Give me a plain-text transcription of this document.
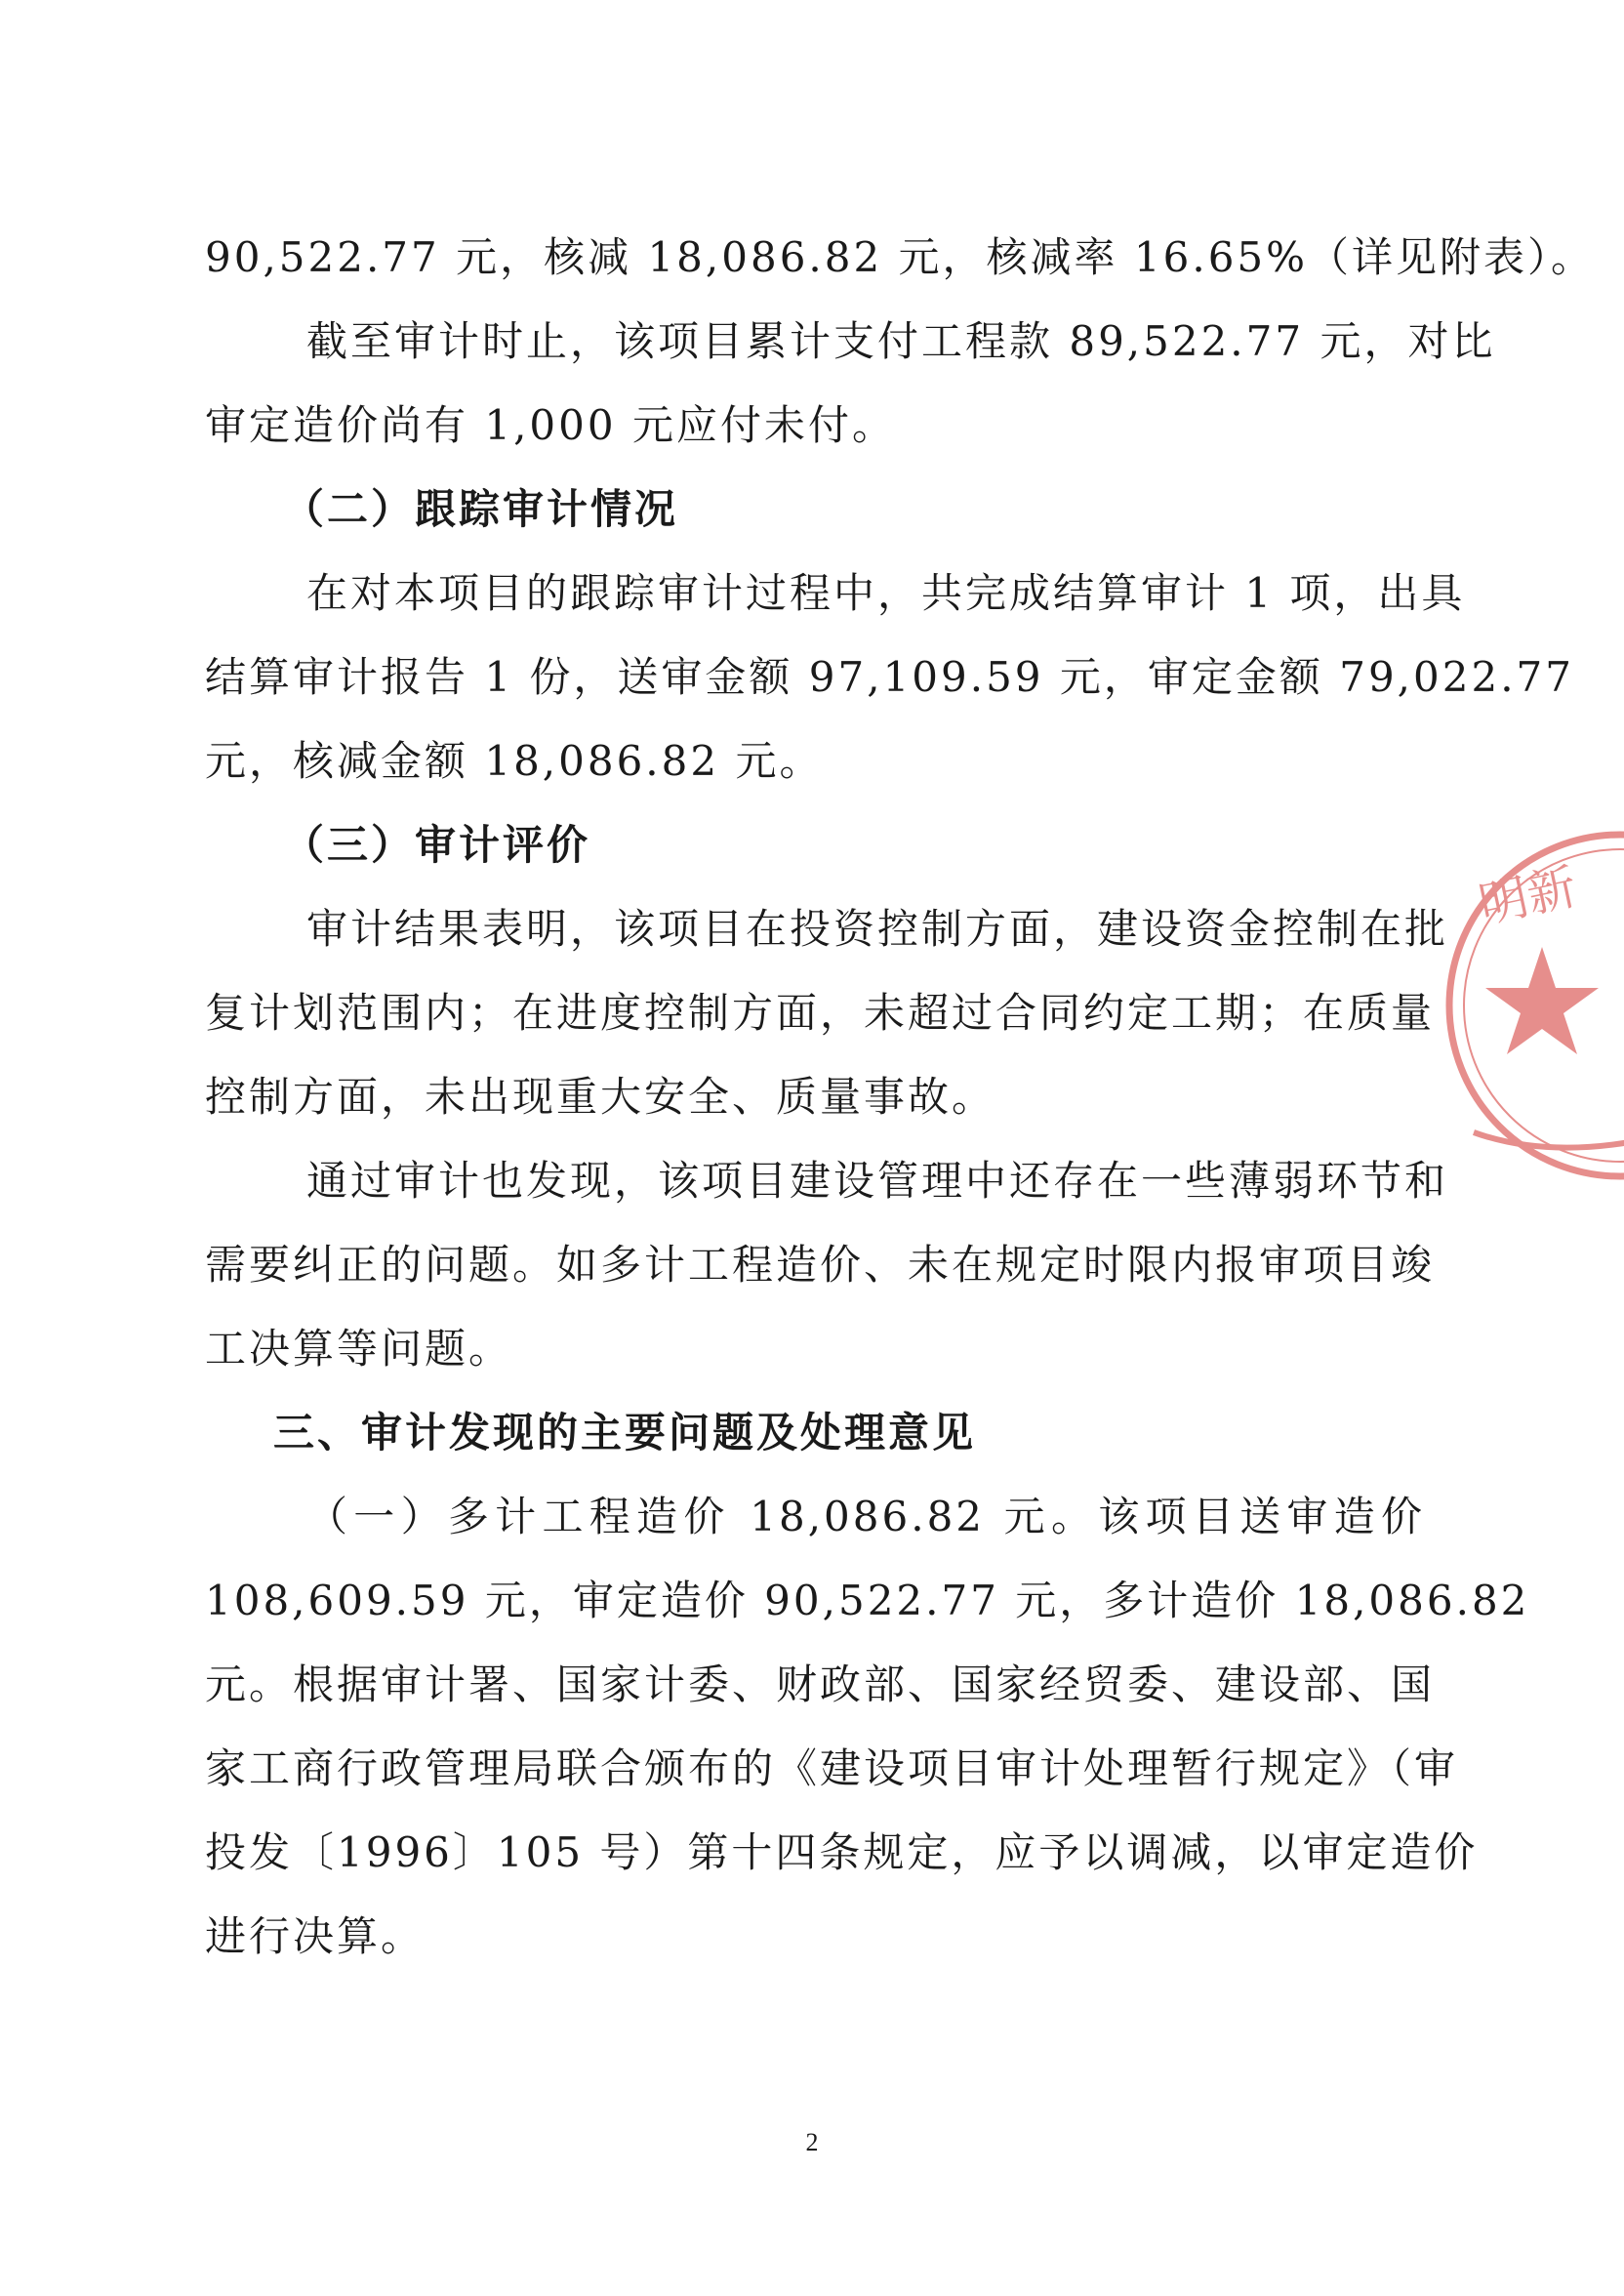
90,522.77 元，核减 18,086.82 元，核减率 16.65%（详见附表）。
截至审计时止，该项目累计支付工程款 89,522.77 元，对比
审定造价尚有 1,000 元应付未付。
（二）跟踪审计情况
在对本项目的跟踪审计过程中，共完成结算审计 1 项，出具
结算审计报告 1 份，送审金额 97,109.59 元，审定金额 79,022.77
元，核减金额 18,086.82 元。
（三）审计评价
审计结果表明，该项目在投资控制方面，建设资金控制在批
复计划范围内；在进度控制方面，未超过合同约定工期；在质量
控制方面，未出现重大安全、质量事故。
通过审计也发现，该项目建设管理中还存在一些薄弱环节和
需要纠正的问题。如多计工程造价、未在规定时限内报审项目竣
工决算等问题。
三、审计发现的主要问题及处理意见
（一）多计工程造价 18,086.82 元。该项目送审造价
108,609.59 元，审定造价 90,522.77 元，多计造价 18,086.82
元。根据审计署、国家计委、财政部、国家经贸委、建设部、国
家工商行政管理局联合颁布的《建设项目审计处理暂行规定》（审
投发〔1996〕105 号）第十四条规定，应予以调减，以审定造价
进行决算。
2
明新
